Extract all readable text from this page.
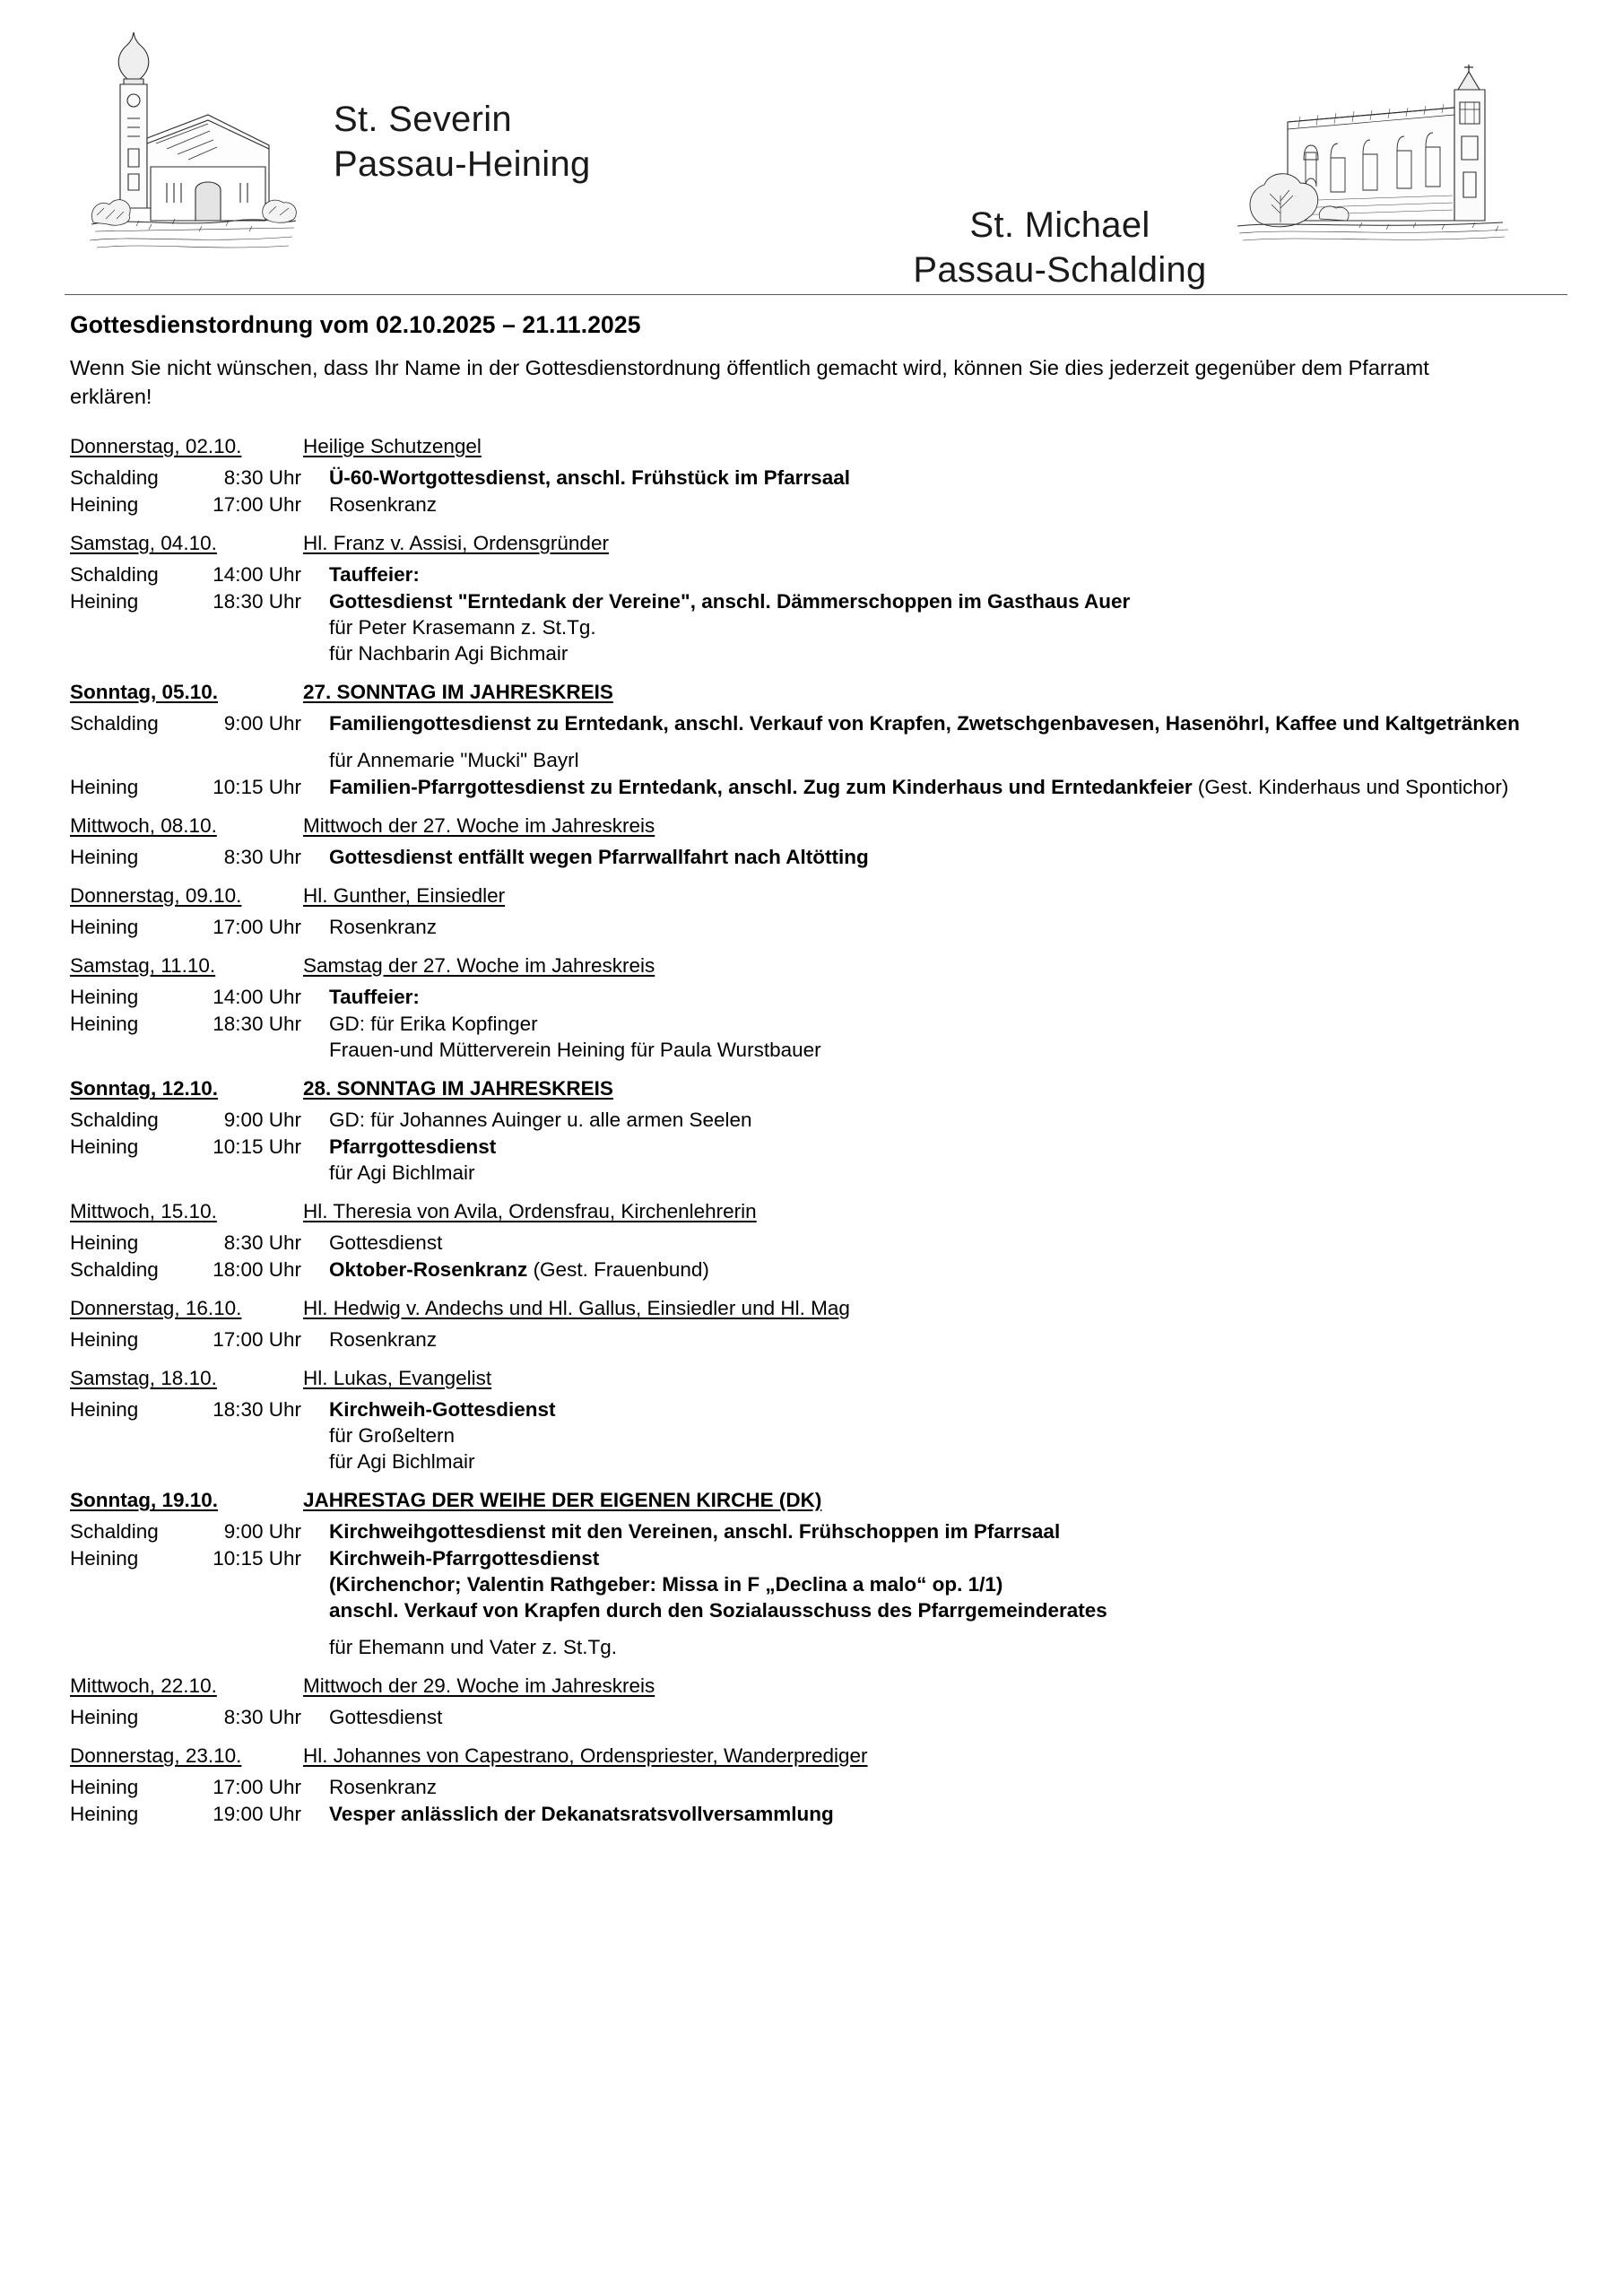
St. Severin
Passau-Heining
St. Michael
Passau-Schalding
Gottesdienstordnung vom 02.10.2025 – 21.11.2025

Wenn Sie nicht wünschen, dass Ihr Name in der Gottesdienstordnung öffentlich gemacht wird, können Sie dies jederzeit gegenüber dem Pfarramt erklären!

Donnerstag, 02.10.	Heilige Schutzengel
Schalding	8:30 Uhr Ü-60-Wortgottesdienst, anschl. Frühstück im Pfarrsaal
Heining	17:00 Uhr Rosenkranz
Samstag, 04.10.	Hl. Franz v. Assisi, Ordensgründer
Schalding	14:00 Uhr Tauffeier:
Heining	18:30 Uhr Gottesdienst "Erntedank der Vereine", anschl. Dämmerschoppen im Gasthaus Auer
für Peter Krasemann z. St.Tg.
für Nachbarin Agi Bichmair
Sonntag, 05.10.	27. SONNTAG IM JAHRESKREIS
Schalding	9:00 Uhr Familiengottesdienst zu Erntedank, anschl. Verkauf von Krapfen, Zwetschgenbavesen, Hasenöhrl, Kaffee und Kaltgetränken
für Annemarie "Mucki" Bayrl
Heining	10:15 Uhr Familien-Pfarrgottesdienst zu Erntedank, anschl. Zug zum Kinderhaus und Erntedankfeier (Gest. Kinderhaus und Spontichor)
Mittwoch, 08.10.	Mittwoch der 27. Woche im Jahreskreis
Heining	8:30 Uhr Gottesdienst entfällt wegen Pfarrwallfahrt nach Altötting
Donnerstag, 09.10.	Hl. Gunther, Einsiedler
Heining	17:00 Uhr Rosenkranz
Samstag, 11.10.	Samstag der 27. Woche im Jahreskreis
Heining	14:00 Uhr Tauffeier:
Heining	18:30 Uhr GD: für Erika Kopfinger
Frauen-und Mütterverein Heining für Paula Wurstbauer
Sonntag, 12.10.	28. SONNTAG IM JAHRESKREIS
Schalding	9:00 Uhr GD: für Johannes Auinger u. alle armen Seelen
Heining	10:15 Uhr Pfarrgottesdienst
für Agi Bichlmair
Mittwoch, 15.10.	Hl. Theresia von Avila, Ordensfrau, Kirchenlehrerin
Heining	8:30 Uhr Gottesdienst
Schalding	18:00 Uhr Oktober-Rosenkranz (Gest. Frauenbund)
Donnerstag, 16.10.	Hl. Hedwig v. Andechs und Hl. Gallus, Einsiedler und Hl. Mag
Heining	17:00 Uhr Rosenkranz
Samstag, 18.10.	Hl. Lukas, Evangelist
Heining	18:30 Uhr Kirchweih-Gottesdienst
für Großeltern
für Agi Bichlmair
Sonntag, 19.10.	JAHRESTAG DER WEIHE DER EIGENEN KIRCHE (DK)
Schalding	9:00 Uhr Kirchweihgottesdienst mit den Vereinen, anschl. Frühschoppen im Pfarrsaal
Heining	10:15 Uhr Kirchweih-Pfarrgottesdienst
(Kirchenchor; Valentin Rathgeber: Missa in F „Declina a malo“ op. 1/1)
anschl. Verkauf von Krapfen durch den Sozialausschuss des Pfarrgemeinderates
für Ehemann und Vater z. St.Tg.
Mittwoch, 22.10.	Mittwoch der 29. Woche im Jahreskreis
Heining	8:30 Uhr Gottesdienst
Donnerstag, 23.10.	Hl. Johannes von Capestrano, Ordenspriester, Wanderprediger
Heining	17:00 Uhr Rosenkranz
Heining	19:00 Uhr Vesper anlässlich der Dekanatsratsvollversammlung
